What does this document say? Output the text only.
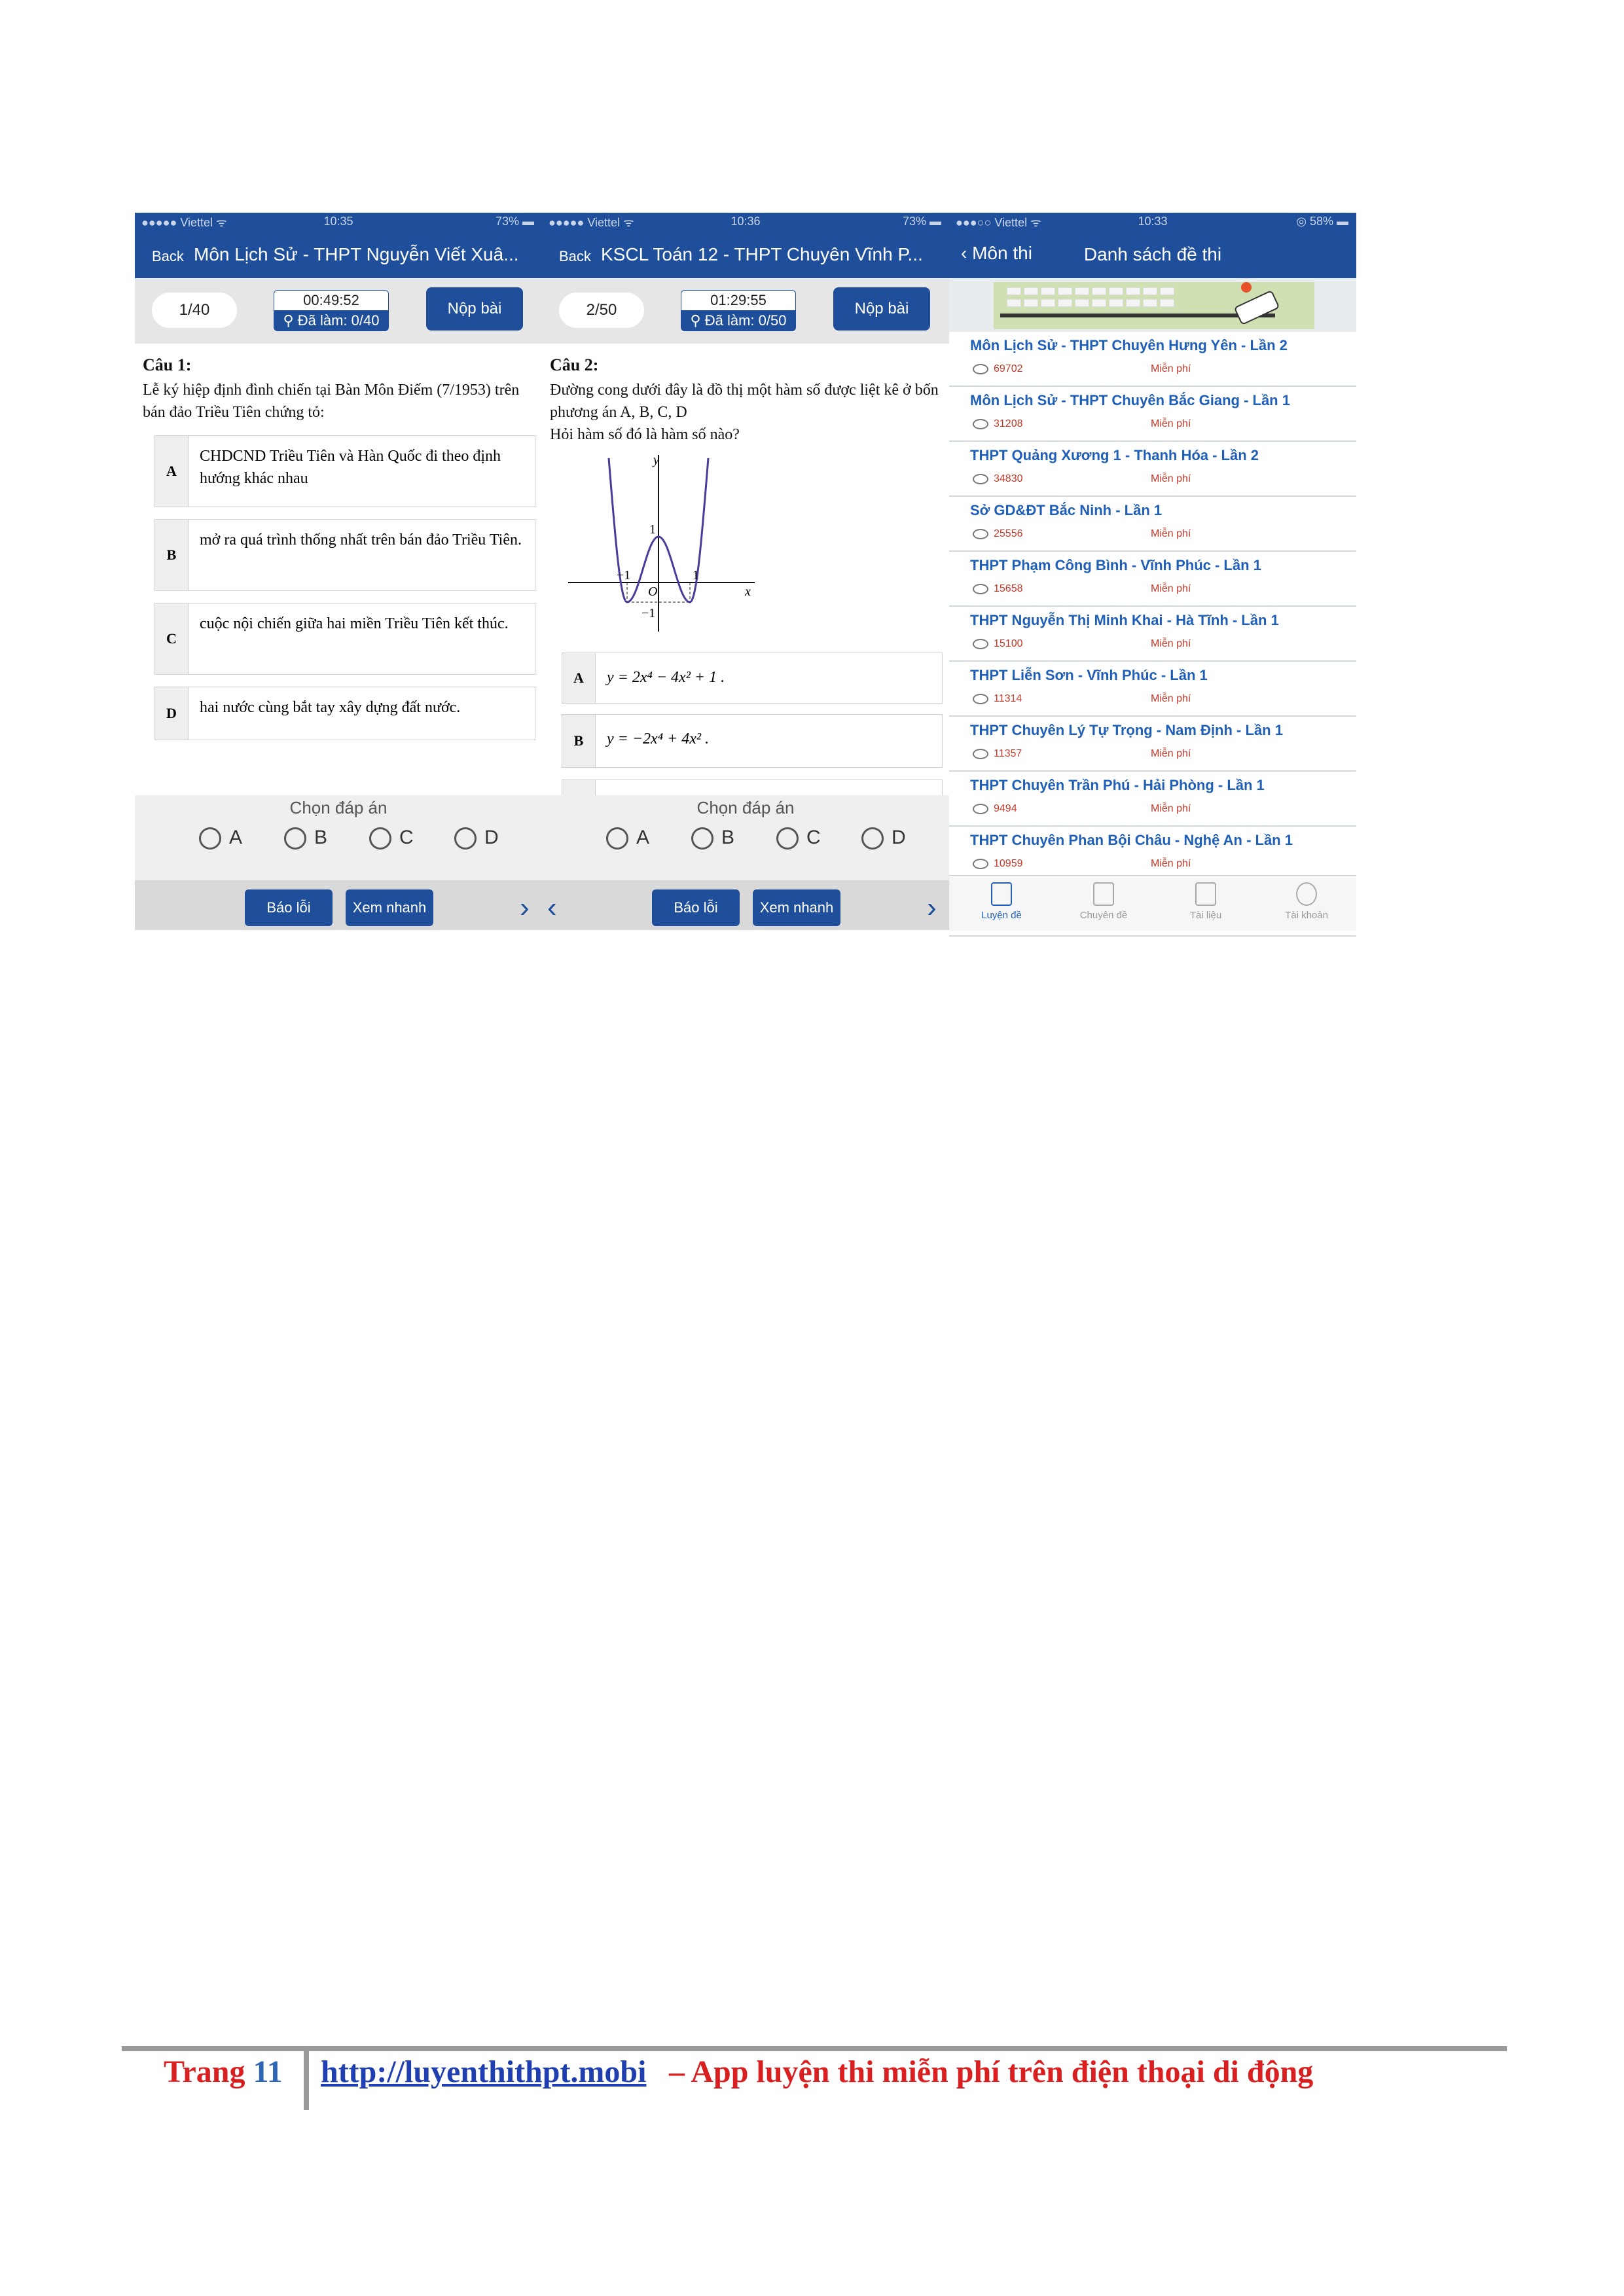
●●●●● Viettel ᯤ	10:35	73% ▬
Back Môn Lịch Sử - THPT Nguyễn Viết Xuâ...
1/40
00:49:52
⚲ Đã làm: 0/40
Nộp bài
Câu 1:
Lễ ký hiệp định đình chiến tại Bàn Môn Điếm (7/1953) trên bán đảo Triều Tiên chứng tỏ:
A
CHDCND Triều Tiên và Hàn Quốc đi theo định hướng khác nhau
B
mở ra quá trình thống nhất trên bán đảo Triều Tiên.
C
cuộc nội chiến giữa hai miền Triều Tiên kết thúc.
D	hai nước cùng bắt tay xây dựng đất nước.
Chọn đáp án
A	B	C	D
Báo lỗi	Xem nhanh	›
●●●●● Viettel ᯤ	10:36	73% ▬
Back KSCL Toán 12 - THPT Chuyên Vĩnh P...
2/50
01:29:55
⚲ Đã làm: 0/50
Nộp bài
Câu 2:
Đường cong dưới đây là đồ thị một hàm số được liệt kê ở bốn phương án A, B, C, D
Hỏi hàm số đó là hàm số nào?
y
x
O
1
−1	1
−1
A	y = 2x⁴ − 4x² + 1 .
B	y = −2x⁴ + 4x² .
Chọn đáp án
A	B	C	D
‹	Báo lỗi	Xem nhanh	›
●●●○○ Viettel ᯤ	10:33	◎ 58% ▬
‹ Môn thi	Danh sách đề thi
Môn Lịch Sử - THPT Chuyên Hưng Yên - Lần 2
69702	Miễn phí
Môn Lịch Sử - THPT Chuyên Bắc Giang - Lần 1
31208	Miễn phí
THPT Quảng Xương 1 - Thanh Hóa - Lần 2
34830	Miễn phí
Sở GD&ĐT Bắc Ninh - Lần 1
25556	Miễn phí
THPT Phạm Công Bình - Vĩnh Phúc - Lần 1
15658	Miễn phí
THPT Nguyễn Thị Minh Khai - Hà Tĩnh - Lần 1
15100	Miễn phí
THPT Liễn Sơn - Vĩnh Phúc - Lần 1
11314	Miễn phí
THPT Chuyên Lý Tự Trọng - Nam Định - Lần 1
11357	Miễn phí
THPT Chuyên Trần Phú - Hải Phòng - Lần 1
9494	Miễn phí
THPT Chuyên Phan Bội Châu - Nghệ An - Lần 1
10959	Miễn phí
Luyện đề	Chuyên đề	Tài liệu	Tài khoản
Trang 11 http://luyenthithpt.mobi – App luyện thi miễn phí trên điện thoại di động
